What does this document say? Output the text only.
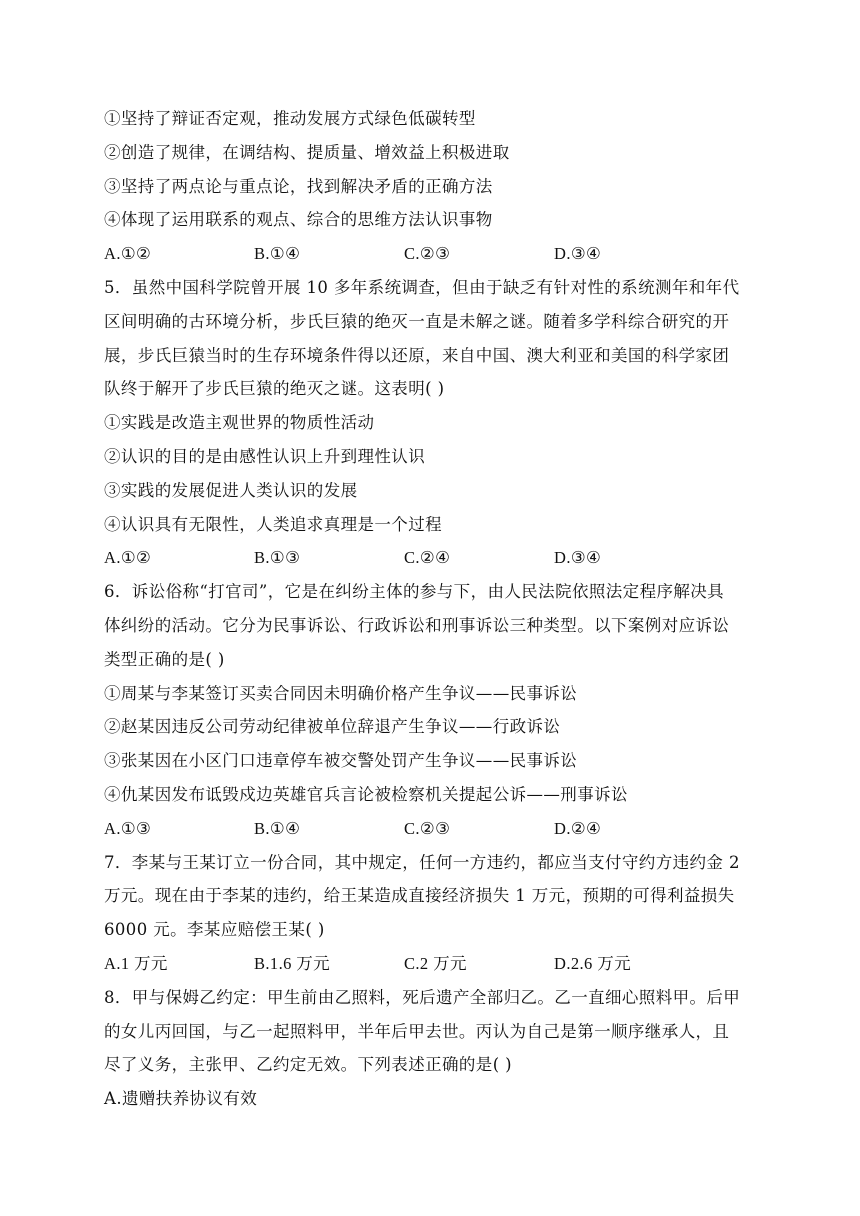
①坚持了辩证否定观，推动发展方式绿色低碳转型
②创造了规律，在调结构、提质量、增效益上积极进取
③坚持了两点论与重点论，找到解决矛盾的正确方法
④体现了运用联系的观点、综合的思维方法认识事物
A.①②	B.①④	C.②③	D.③④
5．虽然中国科学院曾开展 10 多年系统调查，但由于缺乏有针对性的系统测年和年代
区间明确的古环境分析，步氏巨猿的绝灭一直是未解之谜。随着多学科综合研究的开
展，步氏巨猿当时的生存环境条件得以还原，来自中国、澳大利亚和美国的科学家团
队终于解开了步氏巨猿的绝灭之谜。这表明( )
①实践是改造主观世界的物质性活动
②认识的目的是由感性认识上升到理性认识
③实践的发展促进人类认识的发展
④认识具有无限性，人类追求真理是一个过程
A.①②	B.①③	C.②④	D.③④
6．诉讼俗称“打官司”，它是在纠纷主体的参与下，由人民法院依照法定程序解决具
体纠纷的活动。它分为民事诉讼、行政诉讼和刑事诉讼三种类型。以下案例对应诉讼
类型正确的是( )
①周某与李某签订买卖合同因未明确价格产生争议——民事诉讼
②赵某因违反公司劳动纪律被单位辞退产生争议——行政诉讼
③张某因在小区门口违章停车被交警处罚产生争议——民事诉讼
④仇某因发布诋毁戍边英雄官兵言论被检察机关提起公诉——刑事诉讼
A.①③	B.①④	C.②③	D.②④
7．李某与王某订立一份合同，其中规定，任何一方违约，都应当支付守约方违约金 2
万元。现在由于李某的违约，给王某造成直接经济损失 1 万元，预期的可得利益损失
6000 元。李某应赔偿王某( )
A.1 万元	B.1.6 万元	C.2 万元	D.2.6 万元
8．甲与保姆乙约定：甲生前由乙照料，死后遗产全部归乙。乙一直细心照料甲。后甲
的女儿丙回国，与乙一起照料甲，半年后甲去世。丙认为自己是第一顺序继承人，且
尽了义务，主张甲、乙约定无效。下列表述正确的是( )
A.遗赠扶养协议有效
